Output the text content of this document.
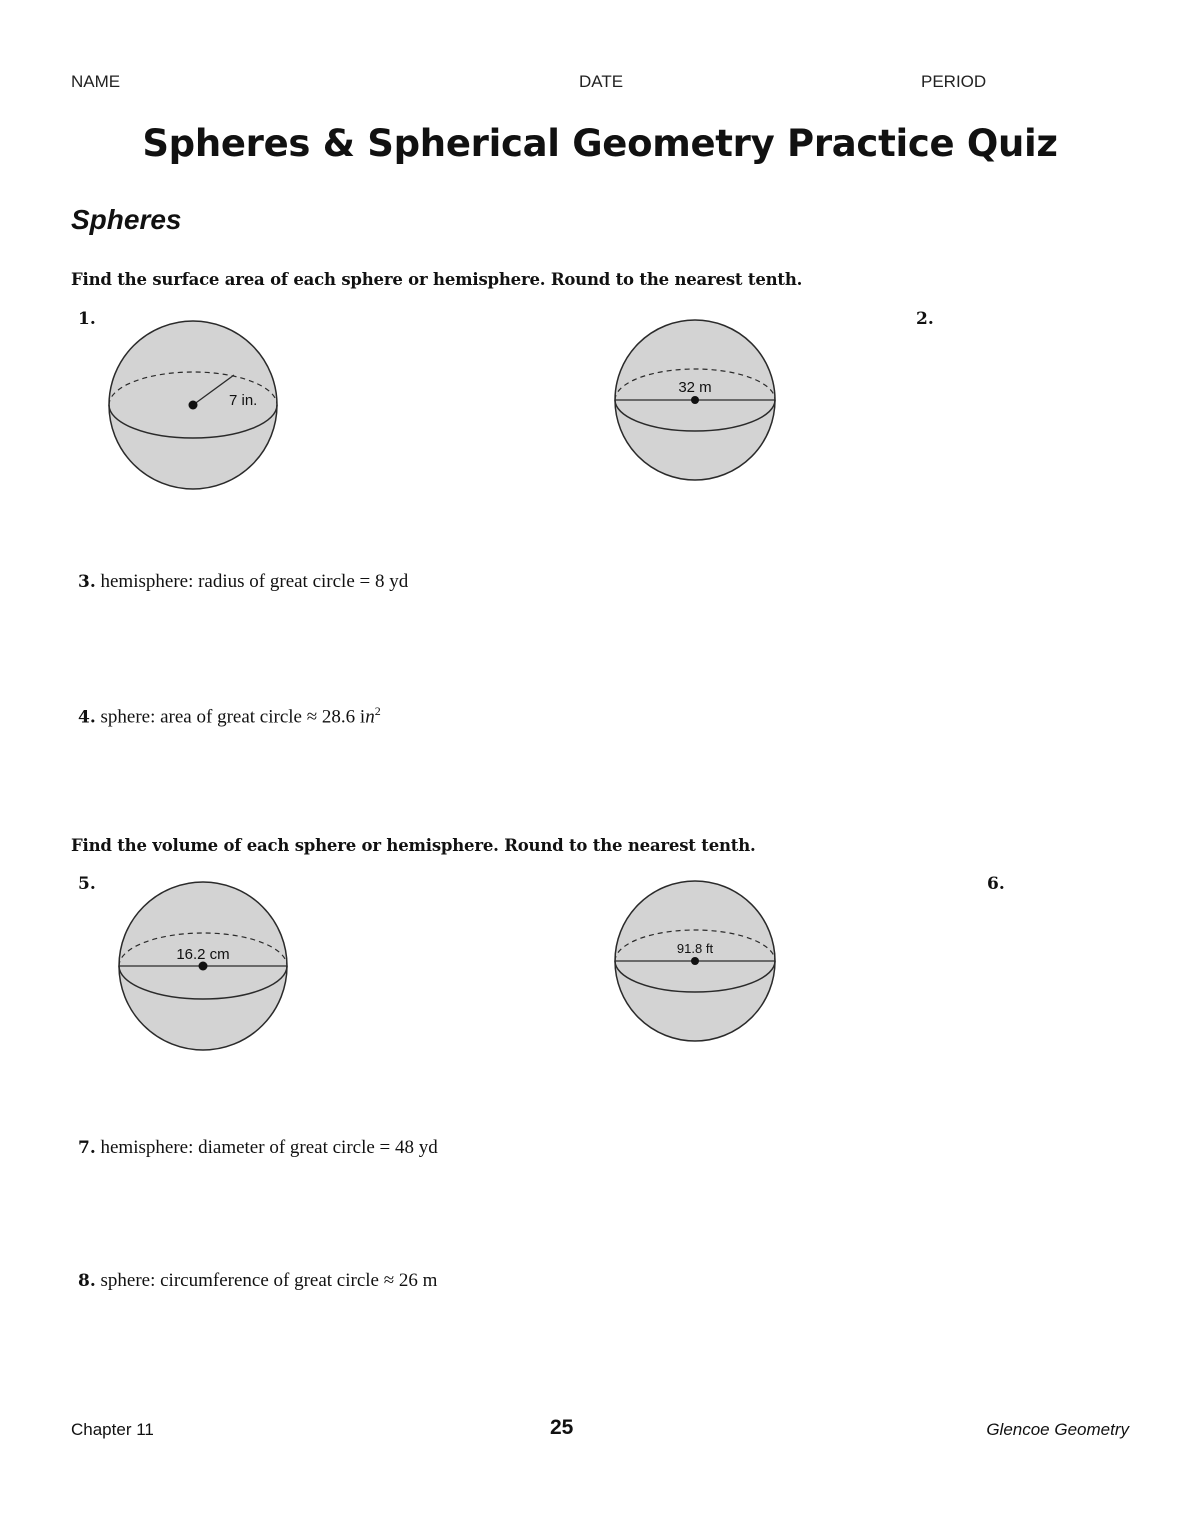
NAME	DATE	PERIOD
Spheres & Spherical Geometry Practice Quiz
Spheres
Find the surface area of each sphere or hemisphere. Round to the nearest tenth.
1.	2.
7 in.
32 m
3. hemisphere: radius of great circle = 8 yd
4. sphere: area of great circle ≈ 28.6 $in^2$
Find the volume of each sphere or hemisphere. Round to the nearest tenth.
5.	6.
16.2 cm	91.8 ft
7. hemisphere: diameter of great circle = 48 yd
8. sphere: circumference of great circle ≈ 26 m
Chapter 11	25	Glencoe Geometry
